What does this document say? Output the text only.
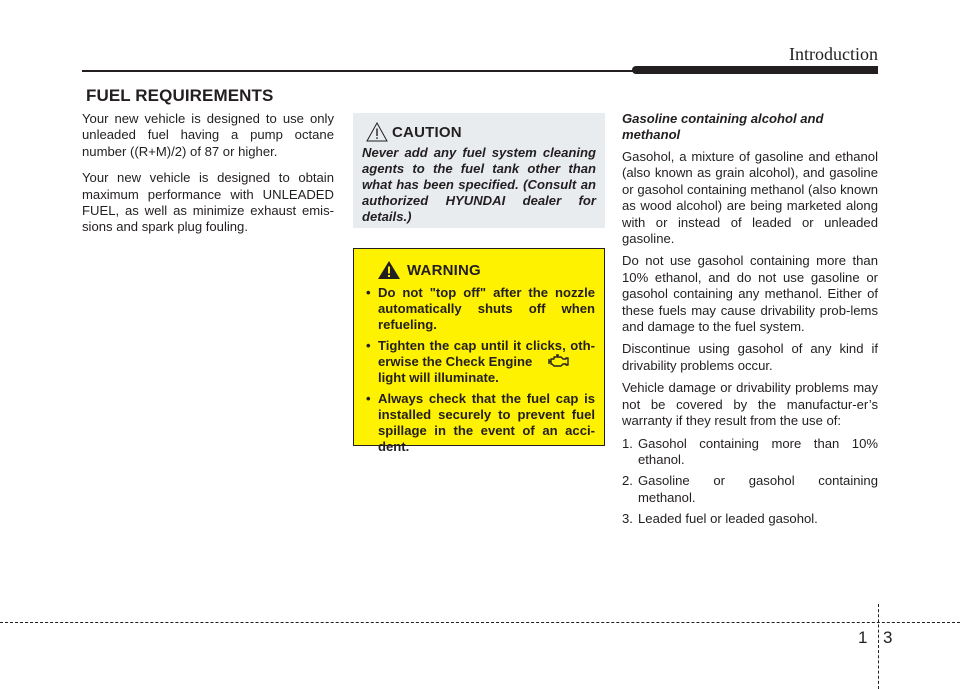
Introduction
FUEL REQUIREMENTS

Your new vehicle is designed to use only unleaded fuel having a pump octane number ((R+M)/2) of 87 or higher.

Your new vehicle is designed to obtain maximum performance with UNLEADED FUEL, as well as minimize exhaust emis-sions and spark plug fouling.

CAUTION
Never add any fuel system cleaning agents to the fuel tank other than what has been specified. (Consult an authorized HYUNDAI dealer for details.)
WARNING
• Do not "top off" after the nozzle automatically shuts off when refueling.
• Tighten the cap until it clicks, oth-erwise the Check Engine
light will illuminate.
• Always check that the fuel cap is installed securely to prevent fuel spillage in the event of an acci-dent.
Gasoline containing alcohol and methanol

Gasohol, a mixture of gasoline and ethanol (also known as grain alcohol), and gasoline or gasohol containing methanol (also known as wood alcohol) are being marketed along with or instead of leaded or unleaded gasoline.

Do not use gasohol containing more than 10% ethanol, and do not use gasoline or gasohol containing any methanol. Either of these fuels may cause drivability prob-lems and damage to the fuel system.

Discontinue using gasohol of any kind if drivability problems occur.

Vehicle damage or drivability problems may not be covered by the manufactur-er’s warranty if they result from the use of:

1. Gasohol containing more than 10% ethanol.
2. Gasoline or gasohol containing methanol.
3. Leaded fuel or leaded gasohol.
1 3
